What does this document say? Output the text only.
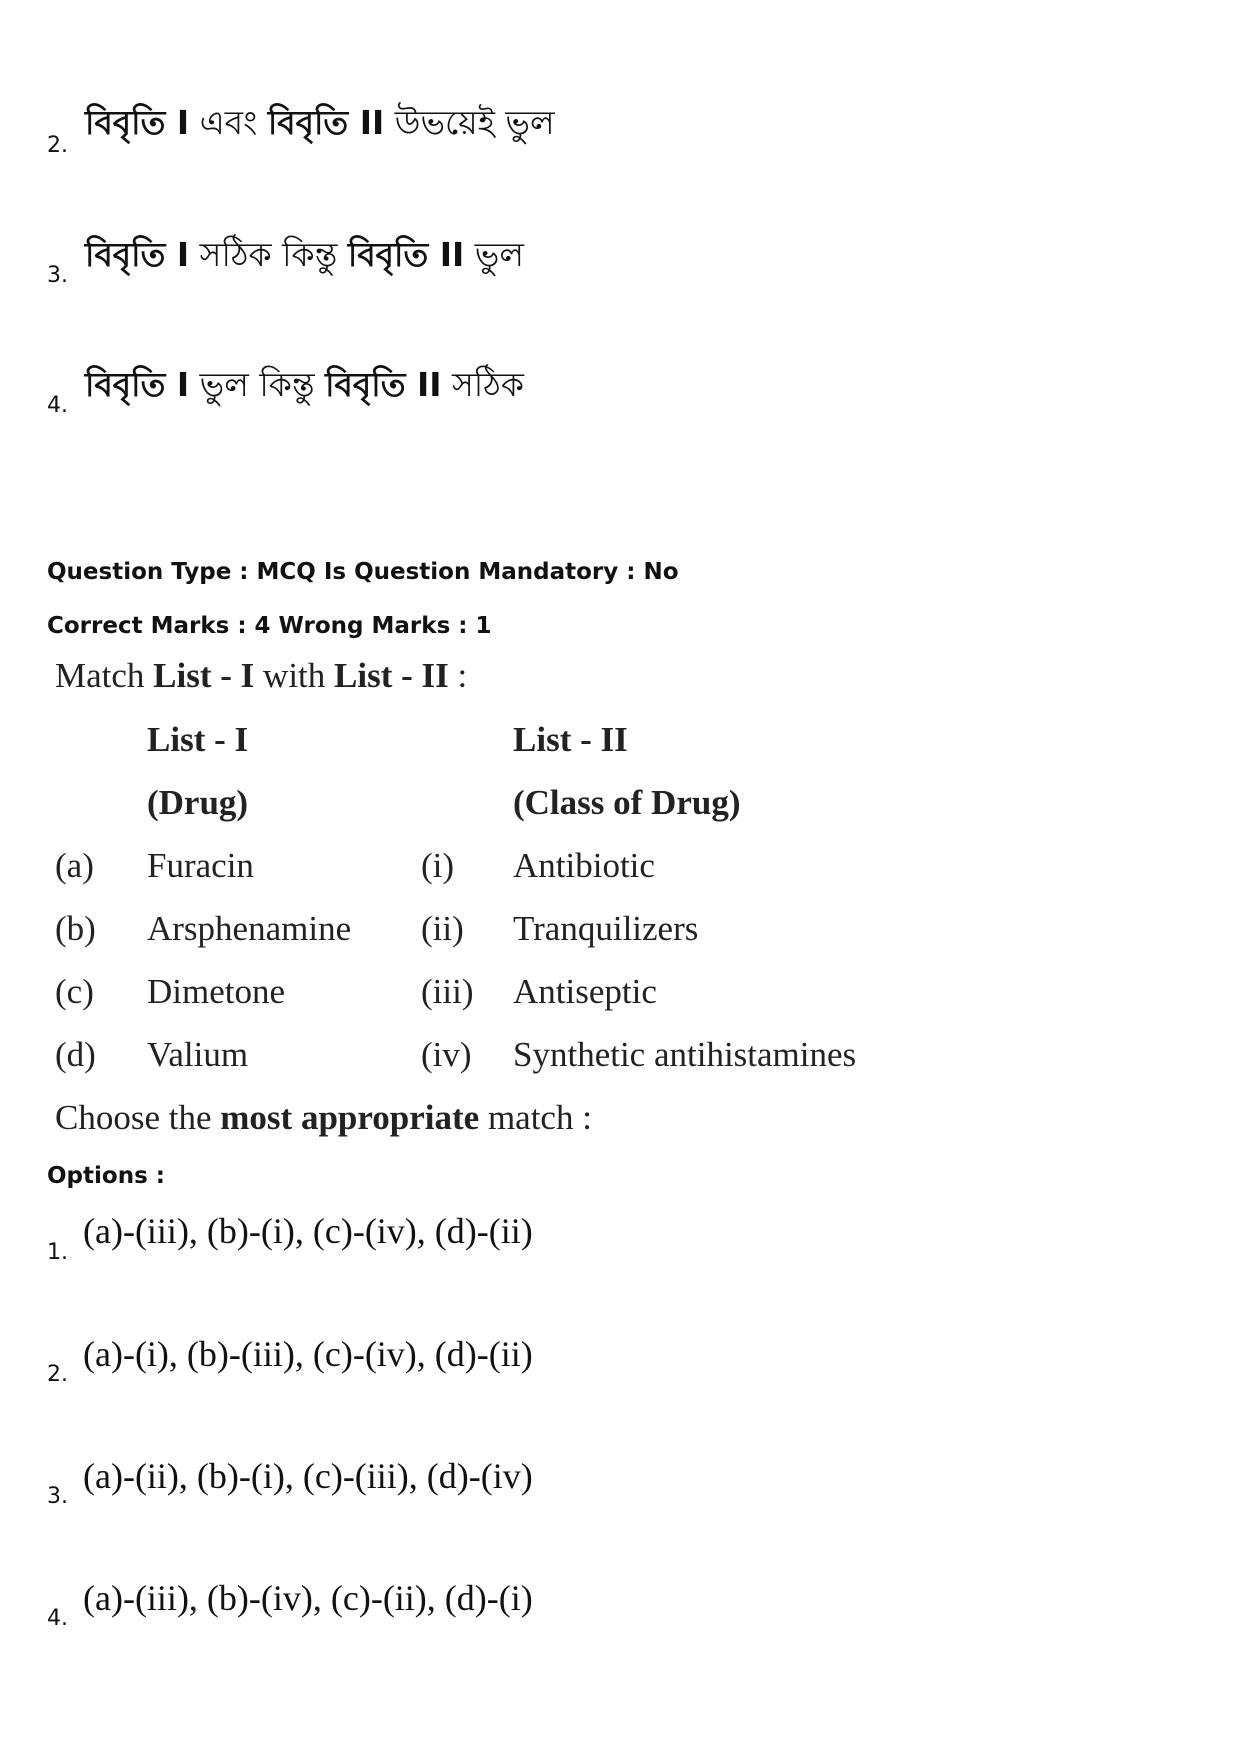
2.
বিবৃতি I এবং বিবৃতি II উভয়েই ভুল
3.
বিবৃতি I সঠিক কিন্তু বিবৃতি II ভুল
4.
বিবৃতি I ভুল কিন্তু বিবৃতি II সঠিক
Question Type : MCQ Is Question Mandatory : No
Correct Marks : 4 Wrong Marks : 1
Match List - I with List - II :
List - I	List - II
(Drug)	(Class of Drug)
(a) Furacin	(i) Antibiotic
(b) Arsphenamine (ii) Tranquilizers
(c) Dimetone	(iii) Antiseptic
(d) Valium	(iv) Synthetic antihistamines
Choose the most appropriate match :
Options :
1.
(a)-(iii), (b)-(i), (c)-(iv), (d)-(ii)
2.
(a)-(i), (b)-(iii), (c)-(iv), (d)-(ii)
3.
(a)-(ii), (b)-(i), (c)-(iii), (d)-(iv)
4.
(a)-(iii), (b)-(iv), (c)-(ii), (d)-(i)
